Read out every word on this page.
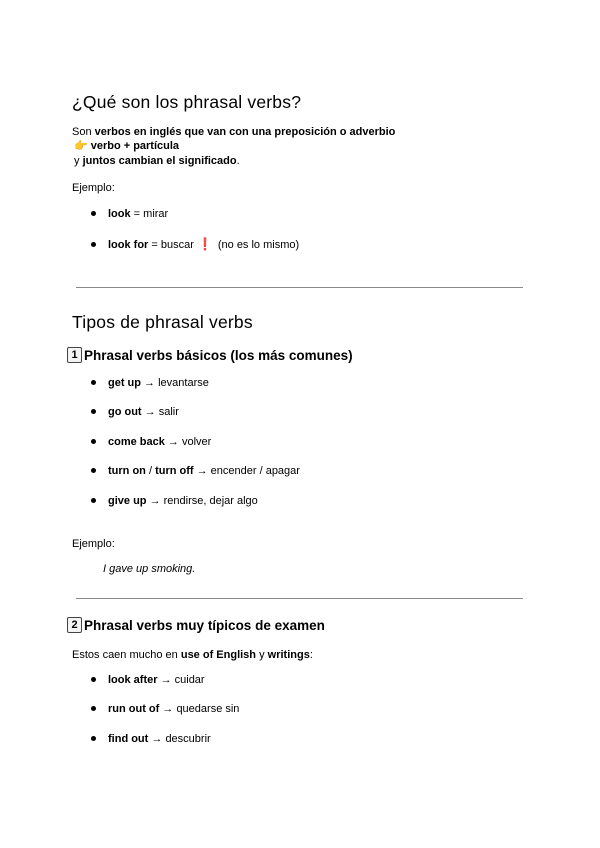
¿Qué son los phrasal verbs?

Son verbos en inglés que van con una preposición o adverbio

👉 verbo + partícula

y juntos cambian el significado.

Ejemplo:

look = mirar
look for = buscar ❗ (no es lo mismo)
Tipos de phrasal verbs
1 Phrasal verbs básicos (los más comunes)
get up → levantarse
go out → salir
come back → volver
turn on / turn off → encender / apagar
give up → rendirse, dejar algo

Ejemplo:

I gave up smoking.
2 Phrasal verbs muy típicos de examen

Estos caen mucho en use of English y writings:

look after → cuidar
run out of → quedarse sin
find out → descubrir
